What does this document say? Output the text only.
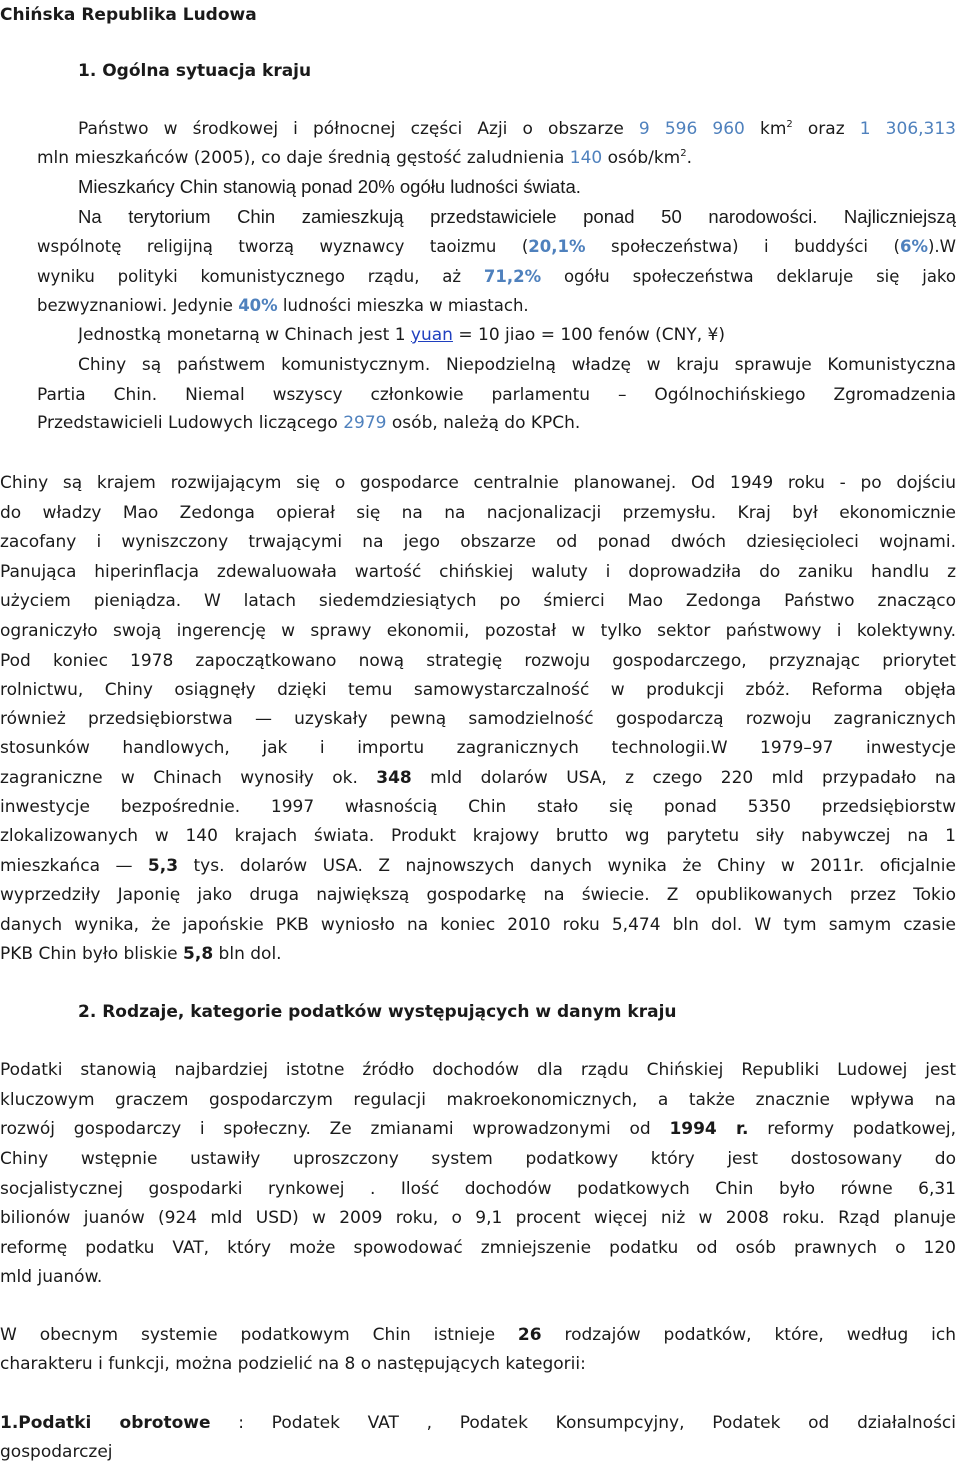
Chińska Republika Ludowa
1. Ogólna sytuacja kraju
Państwo w środkowej i północnej części Azji o obszarze 9 596 960 $km^2$ oraz 1 306,313
mln mieszkańców (2005), co daje średnią gęstość zaludnienia 140 osób/$km^2$.
Mieszkańcy Chin stanowią ponad 20% ogółu ludności świata.
Na terytorium Chin zamieszkują przedstawiciele ponad 50 narodowości. Najliczniejszą
wspólnotę religijną tworzą wyznawcy taoizmu (20,1% społeczeństwa) i buddyści (6%).W
wyniku polityki komunistycznego rządu, aż 71,2% ogółu społeczeństwa deklaruje się jako
bezwyznaniowi. Jedynie 40% ludności mieszka w miastach.
Jednostką monetarną w Chinach jest 1 yuan = 10 jiao = 100 fenów (CNY, ¥)
Chiny są państwem komunistycznym. Niepodzielną władzę w kraju sprawuje Komunistyczna
Partia Chin. Niemal wszyscy członkowie parlamentu – Ogólnochińskiego Zgromadzenia
Przedstawicieli Ludowych liczącego 2979 osób, należą do KPCh.
Chiny są krajem rozwijającym się o gospodarce centralnie planowanej. Od 1949 roku - po dojściu
do władzy Mao Zedonga opierał się na na nacjonalizacji przemysłu. Kraj był ekonomicznie
zacofany i wyniszczony trwającymi na jego obszarze od ponad dwóch dziesięcioleci wojnami.
Panująca hiperinflacja zdewaluowała wartość chińskiej waluty i doprowadziła do zaniku handlu z
użyciem pieniądza. W latach siedemdziesiątych po śmierci Mao Zedonga Państwo znacząco
ograniczyło swoją ingerencję w sprawy ekonomii, pozostał w tylko sektor państwowy i kolektywny.
Pod koniec 1978 zapoczątkowano nową strategię rozwoju gospodarczego, przyznając priorytet
rolnictwu, Chiny osiągnęły dzięki temu samowystarczalność w produkcji zbóż. Reforma objęła
również przedsiębiorstwa — uzyskały pewną samodzielność gospodarczą rozwoju zagranicznych
stosunków handlowych, jak i importu zagranicznych technologii.W 1979–97 inwestycje
zagraniczne w Chinach wynosiły ok. 348 mld dolarów USA, z czego 220 mld przypadało na
inwestycje bezpośrednie. 1997 własnością Chin stało się ponad 5350 przedsiębiorstw
zlokalizowanych w 140 krajach świata. Produkt krajowy brutto wg parytetu siły nabywczej na 1
mieszkańca — 5,3 tys. dolarów USA. Z najnowszych danych wynika że Chiny w 2011r. oficjalnie
wyprzedziły Japonię jako druga największą gospodarkę na świecie. Z opublikowanych przez Tokio
danych wynika, że japońskie PKB wyniosło na koniec 2010 roku 5,474 bln dol. W tym samym czasie
PKB Chin było bliskie 5,8 bln dol.
2. Rodzaje, kategorie podatków występujących w danym kraju
Podatki stanowią najbardziej istotne źródło dochodów dla rządu Chińskiej Republiki Ludowej jest
kluczowym graczem gospodarczym regulacji makroekonomicznych, a także znacznie wpływa na
rozwój gospodarczy i społeczny. Ze zmianami wprowadzonymi od 1994 r. reformy podatkowej,
Chiny wstępnie ustawiły uproszczony system podatkowy który jest dostosowany do
socjalistycznej gospodarki rynkowej . Ilość dochodów podatkowych Chin było równe 6,31
bilionów juanów (924 mld USD) w 2009 roku, o 9,1 procent więcej niż w 2008 roku. Rząd planuje
reformę podatku VAT, który może spowodować zmniejszenie podatku od osób prawnych o 120
mld juanów.
W obecnym systemie podatkowym Chin istnieje 26 rodzajów podatków, które, według ich
charakteru i funkcji, można podzielić na 8 o następujących kategorii:
1.Podatki obrotowe : Podatek VAT , Podatek Konsumpcyjny, Podatek od działalności
gospodarczej
